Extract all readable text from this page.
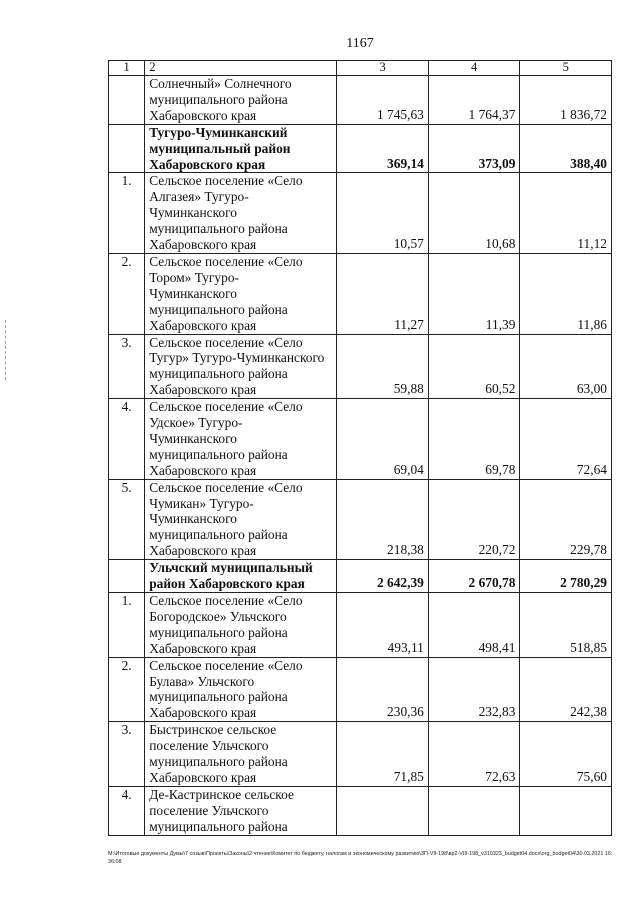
1167
1	2	3	4	5
	Солнечный» Солнечного
муниципального района
Хабаровского края	1 745,63	1 764,37	1 836,72
	Тугуро-Чуминканский
муниципальный район
Хабаровского края	369,14	373,09	388,40
1.	Сельское поселение «Село
Алгазея» Тугуро-
Чуминканского
муниципального района
Хабаровского края	10,57	10,68	11,12
2.	Сельское поселение «Село
Тором» Тугуро-
Чуминканского
муниципального района
Хабаровского края	11,27	11,39	11,86
3.	Сельское поселение «Село
Тугур» Тугуро-Чуминканского
муниципального района
Хабаровского края	59,88	60,52	63,00
4.	Сельское поселение «Село
Удское» Тугуро-
Чуминканского
муниципального района
Хабаровского края	69,04	69,78	72,64
5.	Сельское поселение «Село
Чумикан» Тугуро-
Чуминканского
муниципального района
Хабаровского края	218,38	220,72	229,78
	Ульчский муниципальный
район Хабаровского края	2 642,39	2 670,78	2 780,29
1.	Сельское поселение «Село
Богородское» Ульчского
муниципального района
Хабаровского края	493,11	498,41	518,85
2.	Сельское поселение «Село
Булава» Ульчского
муниципального района
Хабаровского края	230,36	232,83	242,38
3.	Быстринское сельское
поселение Ульчского
муниципального района
Хабаровского края	71,85	72,63	75,60
4.	Де-Кастринское сельское
поселение Ульчского
муниципального района			
M:\Итоговые документы Думы\7 созыв\Проекты\Законы\2 чтение\Комитет по бюджету, налогам и экономическому развитию\ЗП-VII-198\вр2-VIII-198_v310323_budget04.docx\org_budget04\30.03.2021 16:36:08
